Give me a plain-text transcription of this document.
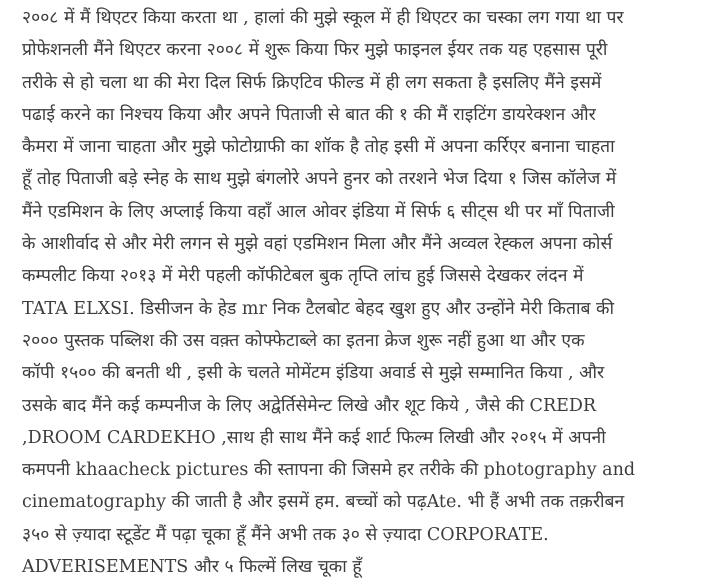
२००८ में मैं थिएटर किया करता था , हालां की मुझे स्कूल में ही थिएटर का चस्का लग गया था पर
प्रोफेशनली मैंने थिएटर करना २००८ में शुरू किया फिर मुझे फाइनल ईयर तक यह एहसास पूरी
तरीके से हो चला था की मेरा दिल सिर्फ क्रिएटिव फील्ड में ही लग सकता है इसलिए मैंने इसमें
पढाई करने का निश्चय किया और अपने पिताजी से बात की १ की मैं राइटिंग डायरेक्शन और
कैमरा में जाना चाहता और मुझे फोटोग्राफी का शॉक है तोह इसी में अपना कर्रिएर बनाना चाहता
हूँ तोह पिताजी बड़े स्नेह के साथ मुझे बंगलोरे अपने हुनर को तरशने भेज दिया १ जिस कॉलेज में
मैंने एडमिशन के लिए अप्लाई किया वहाँ आल ओवर इंडिया में सिर्फ ६ सीट्स थी पर माँ पिताजी
के आशीर्वाद से और मेरी लगन से मुझे वहां एडमिशन मिला और मैंने अव्वल रेह्कल अपना कोर्स
कम्पलीट किया २०१३ में मेरी पहली कॉफीटेबल बुक तृप्ति लांच हुई जिससे देखकर लंदन में
TATA ELXSI. डिसीजन के हेड mr निक टैलबोट बेहद खुश हुए और उन्होंने मेरी किताब की
२००० पुस्तक पब्लिश की उस वक़्त कोफ्फेटाब्ले का इतना क्रेज शुरू नहीं हुआ था और एक
कॉपी १५०० की बनती थी , इसी के चलते मोमेंटम इंडिया अवार्ड से मुझे सम्मानित किया , और
उसके बाद मैंने कई कम्पनीज के लिए अद्वेर्तिसेमेन्ट लिखे और शूट किये , जैसे की CREDR
,DROOM CARDEKHO ,साथ ही साथ मैंने कई शार्ट फिल्म लिखी और २०१५ में अपनी
कमपनी khaacheck pictures की स्तापना की जिसमे हर तरीके की photography and
cinematography की जाती है और इसमें हम. बच्चों को पढ़Ate. भी हैं अभी तक तक़रीबन
३५० से ज़्यादा स्टूडेंट मैं पढ़ा चूका हूँ मैंने अभी तक ३० से ज़्यादा CORPORATE.
ADVERISEMENTS और ५ फिल्में लिख चूका हूँ
